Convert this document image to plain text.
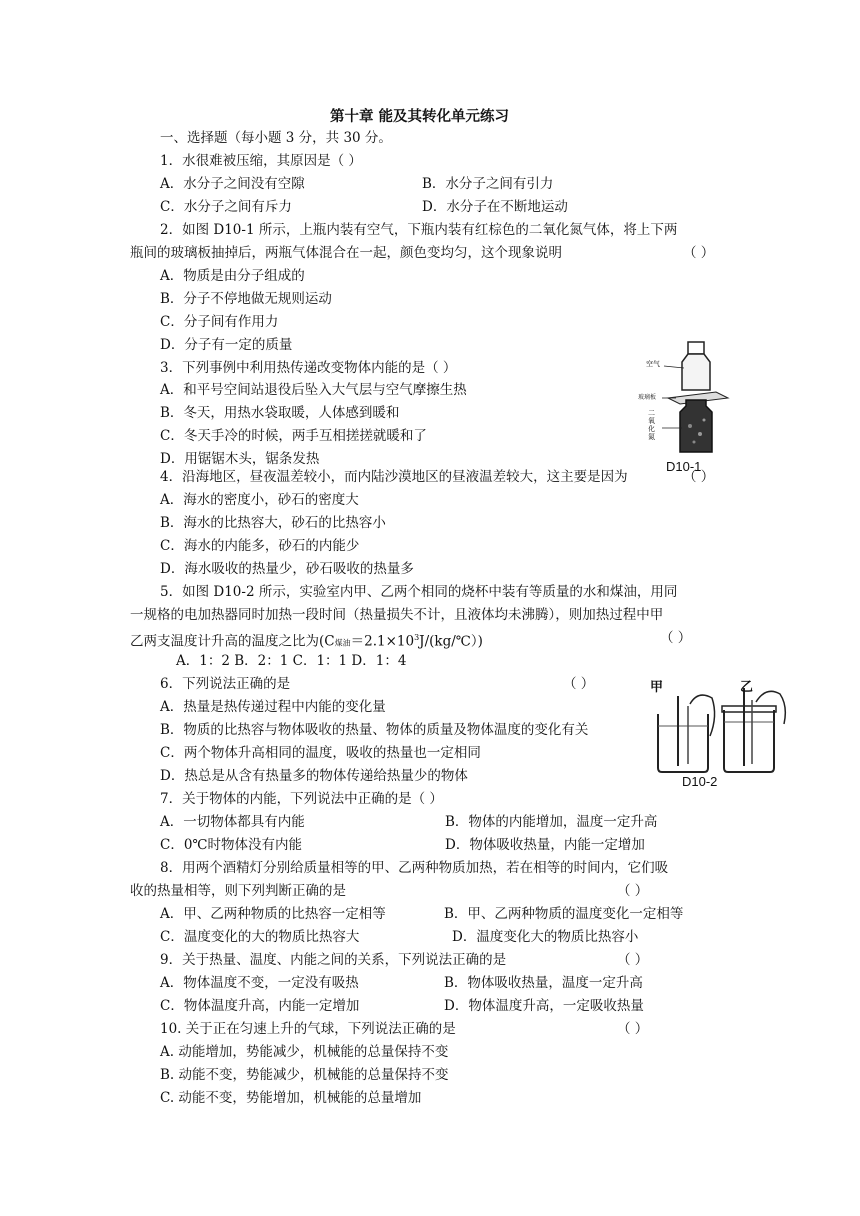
第十章 能及其转化单元练习
一、选择题（每小题 3 分，共 30 分。
1．水很难被压缩，其原因是（ ）
A．水分子之间没有空隙	B．水分子之间有引力
C．水分子之间有斥力	D．水分子在不断地运动
2．如图 D10-1 所示，上瓶内装有空气，下瓶内装有红棕色的二氧化氮气体，将上下两
瓶间的玻璃板抽掉后，两瓶气体混合在一起，颜色变均匀，这个现象说明	（ ）
A．物质是由分子组成的
B．分子不停地做无规则运动
C．分子间有作用力
D．分子有一定的质量
3．下列事例中利用热传递改变物体内能的是（ ）
A．和平号空间站退役后坠入大气层与空气摩擦生热
B．冬天，用热水袋取暖，人体感到暖和
C．冬天手冷的时候，两手互相搓搓就暖和了
D．用锯锯木头，锯条发热
空气
玻璃板
二氧化氮
D10-1
4．沿海地区，昼夜温差较小，而内陆沙漠地区的昼液温差较大，这主要是因为	（ ）
A．海水的密度小，砂石的密度大
B．海水的比热容大，砂石的比热容小
C．海水的内能多，砂石的内能少
D．海水吸收的热量少，砂石吸收的热量多
5．如图 D10-2 所示，实验室内甲、乙两个相同的烧杯中装有等质量的水和煤油，用同
一规格的电加热器同时加热一段时间（热量损失不计，且液体均未沸腾），则加热过程中甲
乙两支温度计升高的温度之比为(C煤油$=2.1\times 10^3J/(kg/℃)$)	（ ）
A．1：2 B．2：1 C．1：1 D．1：4
6．下列说法正确的是	（ ）
A．热量是热传递过程中内能的变化量
B．物质的比热容与物体吸收的热量、物体的质量及物体温度的变化有关
C．两个物体升高相同的温度，吸收的热量也一定相同
D．热总是从含有热量多的物体传递给热量少的物体
甲	乙
D10-2
7．关于物体的内能，下列说法中正确的是（ ）
A．一切物体都具有内能	B．物体的内能增加，温度一定升高
C．0℃时物体没有内能	D．物体吸收热量，内能一定增加
8．用两个酒精灯分别给质量相等的甲、乙两种物质加热，若在相等的时间内，它们吸
收的热量相等，则下列判断正确的是	（ ）
A．甲、乙两种物质的比热容一定相等	B．甲、乙两种物质的温度变化一定相等
C．温度变化的大的物质比热容大	D．温度变化大的物质比热容小
9．关于热量、温度、内能之间的关系，下列说法正确的是	（ ）
A．物体温度不变，一定没有吸热	B．物体吸收热量，温度一定升高
C．物体温度升高，内能一定增加	D．物体温度升高，一定吸收热量
10. 关于正在匀速上升的气球，下列说法正确的是	（ ）
A. 动能增加，势能减少，机械能的总量保持不变
B. 动能不变，势能减少，机械能的总量保持不变
C. 动能不变，势能增加，机械能的总量增加
